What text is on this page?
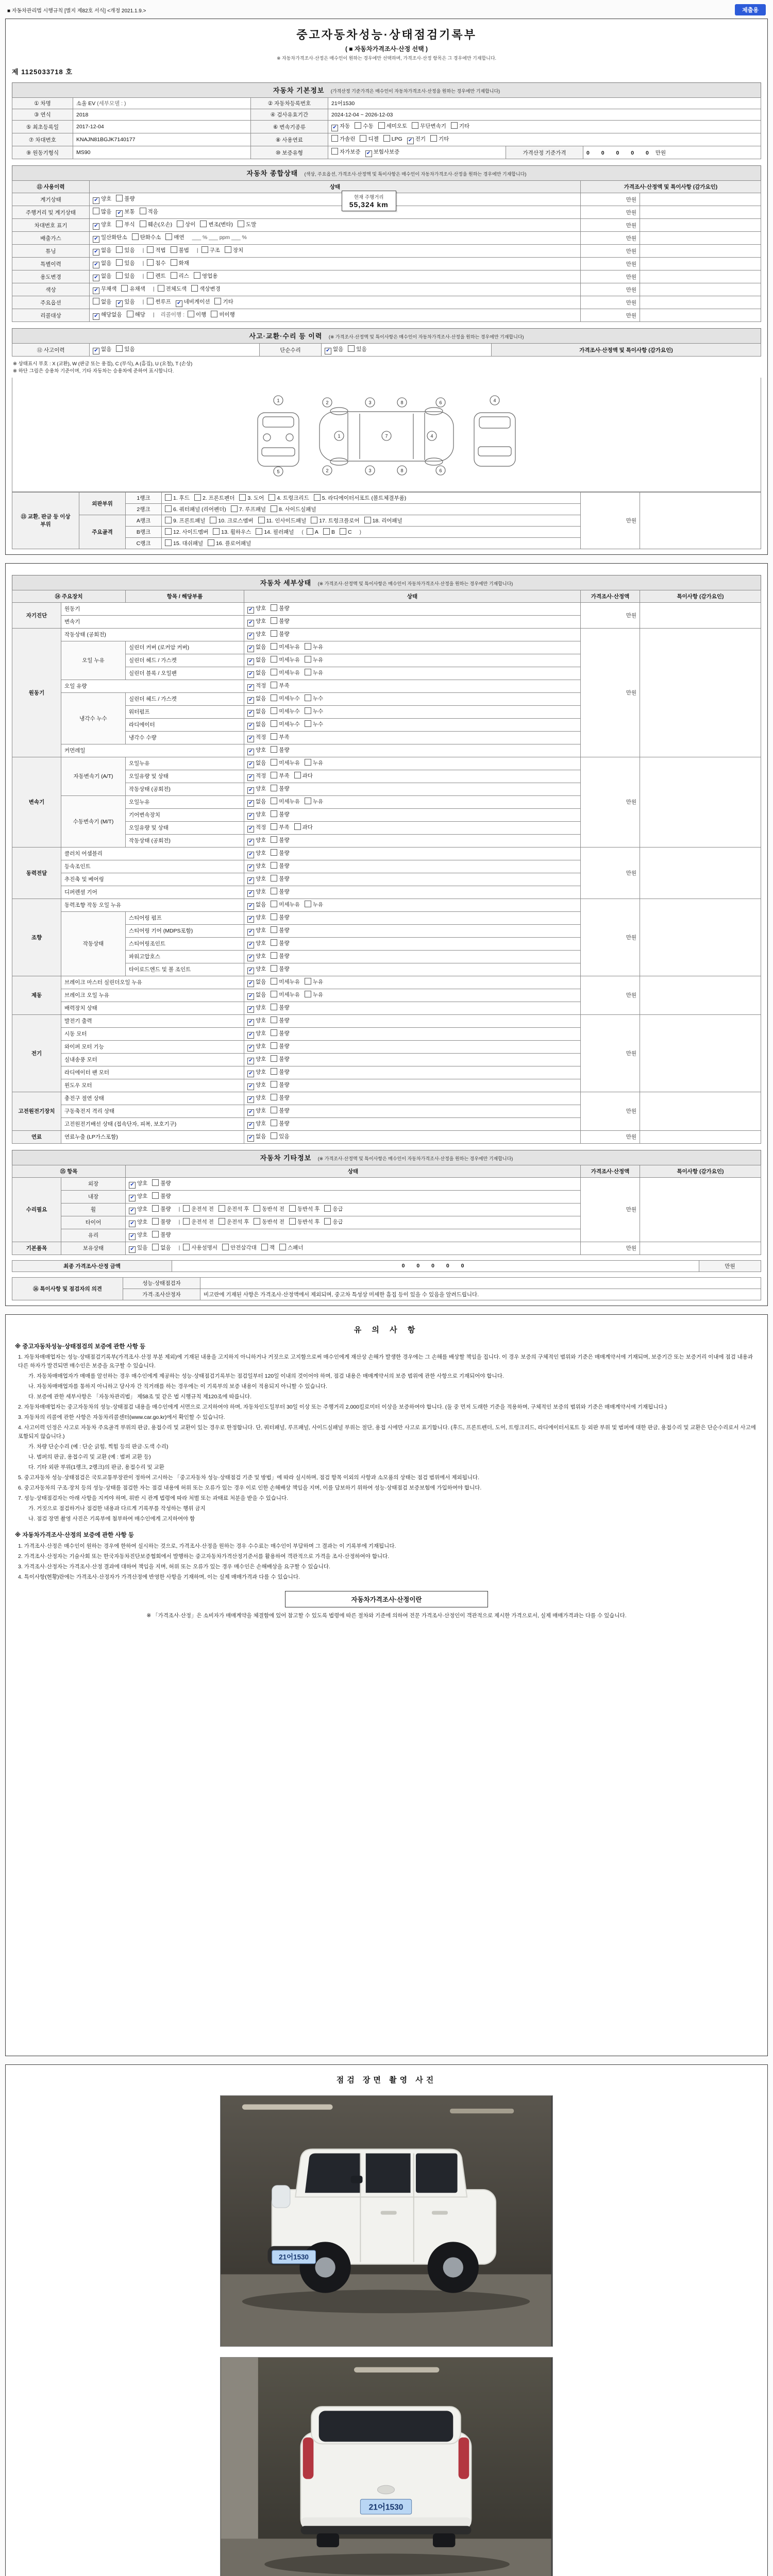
■ 자동차관리법 시행규칙 [별지 제82호 서식] <개정 2021.1.9.>	제출용
중고자동차성능·상태점검기록부
( ■ 자동차가격조사·산정 선택 )
※ 자동차가격조사·산정은 매수인이 원하는 경우에만 선택하며, 가격조사·산정 항목은 그 경우에만 기재합니다.
제 1125033718 호
자동차 기본정보 (가격산정 기준가격은 매수인이 자동차가격조사·산정을 원하는 경우에만 기재합니다)
① 차명	소울 EV (세부모델 : )	② 자동차등록번호	21어1530		
③ 연식	2018	④ 검사유효기간	2024-12-04 ~ 2026-12-03		
⑤ 최초등록일	2017-12-04	⑥ 변속기종류	✔ 자동 수동 세미오토 무단변속기 기타		
⑦ 차대번호	KNAJN81BGJK7140177	⑧ 사용연료	가솔린 디젤 LPG ✔ 전기 기타		
⑨ 원동기형식	MS90	⑩ 보증유형	자가보증 ✔ 보험사보증	가격산정 기준가격	0 0 0 0 0 만원
자동차 종합상태 (색상, 주요옵션, 가격조사·산정액 및 특이사항은 매수인이 자동차가격조사·산정을 원하는 경우에만 기재합니다)
⑪ 사용이력	상태	가격조사·산정액 및 특이사항 (감가요인)	
계기상태	✔ 양호 불량	만원	
주행거리 및 계기상태	많음 ✔ 보통 적음	만원	
차대번호 표기	✔ 양호 부식 훼손(오손) 상이 변조(변타) 도말	만원	
배출가스	✔ 일산화탄소 탄화수소 매연 ___ % ___ ppm ___ %	만원	
튜닝	✔ 없음 있음 | 적법 불법 | 구조 장치	만원	
특별이력	✔ 없음 있음 | 침수 화재	만원	
용도변경	✔ 없음 있음 | 렌트 리스 영업용	만원	
색상	✔ 무채색 유채색 | 전체도색 색상변경	만원	
주요옵션	없음 ✔ 있음 | 썬루프 ✔ 네비게이션 기타	만원	
리콜대상	✔ 해당없음 해당 | 리콜이행 : 이행 미이행	만원	
현재 주행거리
55,324 km
사고·교환·수리 등 이력 (※ 가격조사·산정액 및 특이사항은 매수인이 자동차가격조사·산정을 원하는 경우에만 기재합니다)
⑫ 사고이력	✔ 없음 있음	단순수리	✔ 없음 있음	가격조사·산정액 및 특이사항 (감가요인)
※ 상태표시 부호 : X (교환), W (판금 또는 용접), C (부식), A (흠집), U (요철), T (손상)
※ 하단 그림은 승용차 기준이며, 기타 자동차는 승용차에 준하여 표시합니다.
1
1	7	4
2	3	8	6
2	3	8	6
5
4
⑬ 교환, 판금 등 이상 부위	외판부위	1랭크	1. 후드 2. 프론트펜더 3. 도어 4. 트렁크리드 5. 라디에이터서포트 (볼트체결부품)	만원	
		2랭크	6. 쿼터패널 (리어펜더) 7. 루프패널 8. 사이드실패널		
	주요골격	A랭크	9. 프론트패널 10. 크로스멤버 11. 인사이드패널 17. 트렁크플로어 18. 리어패널		
		B랭크	12. 사이드멤버 13. 휠하우스 14. 필러패널 ( A B C )		
		C랭크	15. 대쉬패널 16. 플로어패널		
자동차 세부상태 (※ 가격조사·산정액 및 특이사항은 매수인이 자동차가격조사·산정을 원하는 경우에만 기재합니다)
⑭ 주요장치		항목 / 해당부품	상태	가격조사·산정액	특이사항 (감가요인)
자기진단	원동기		✔ 양호 불량	만원	
	변속기		✔ 양호 불량		
원동기	작동상태 (공회전)		✔ 양호 불량	만원	
	오일 누유	실린더 커버 (로커암 커버)	✔ 없음 미세누유 누유		
		실린더 헤드 / 가스켓	✔ 없음 미세누유 누유		
		실린더 블록 / 오일팬	✔ 없음 미세누유 누유		
	오일 유량		✔ 적정 부족		
	냉각수 누수	실린더 헤드 / 가스켓	✔ 없음 미세누수 누수		
		워터펌프	✔ 없음 미세누수 누수		
		라디에이터	✔ 없음 미세누수 누수		
		냉각수 수량	✔ 적정 부족		
	커먼레일		✔ 양호 불량		
변속기	자동변속기 (A/T)	오일누유	✔ 없음 미세누유 누유	만원	
		오일유량 및 상태	✔ 적정 부족 과다		
		작동상태 (공회전)	✔ 양호 불량		
	수동변속기 (M/T)	오일누유	✔ 없음 미세누유 누유		
		기어변속장치	✔ 양호 불량		
		오일유량 및 상태	✔ 적정 부족 과다		
		작동상태 (공회전)	✔ 양호 불량		
동력전달	클러치 어셈블리		✔ 양호 불량	만원	
	등속조인트		✔ 양호 불량		
	추진축 및 베어링		✔ 양호 불량		
	디퍼렌셜 기어		✔ 양호 불량		
조향	동력조향 작동 오일 누유		✔ 없음 미세누유 누유	만원	
	작동상태	스티어링 펌프	✔ 양호 불량		
		스티어링 기어 (MDPS포함)	✔ 양호 불량		
		스티어링조인트	✔ 양호 불량		
		파워고압호스	✔ 양호 불량		
		타이로드엔드 및 볼 조인트	✔ 양호 불량		
제동	브레이크 마스터 실린더오일 누유		✔ 없음 미세누유 누유	만원	
	브레이크 오일 누유		✔ 없음 미세누유 누유		
	배력장치 상태		✔ 양호 불량		
전기	발전기 출력		✔ 양호 불량	만원	
	시동 모터		✔ 양호 불량		
	와이퍼 모터 기능		✔ 양호 불량		
	실내송풍 모터		✔ 양호 불량		
	라디에이터 팬 모터		✔ 양호 불량		
	윈도우 모터		✔ 양호 불량		
고전원전기장치	충전구 절연 상태		✔ 양호 불량	만원	
	구동축전지 격리 상태		✔ 양호 불량		
	고전원전기배선 상태 (접속단자, 피복, 보호기구)		✔ 양호 불량		
연료	연료누출 (LP가스포함)		✔ 없음 있음	만원	
자동차 기타정보 (※ 가격조사·산정액 및 특이사항은 매수인이 자동차가격조사·산정을 원하는 경우에만 기재합니다)
⑮ 항목		상태	가격조사·산정액	특이사항 (감가요인)
수리필요	외장	✔ 양호 불량	만원	
	내장	✔ 양호 불량		
	휠	✔ 양호 불량 | 운전석 전 운전석 후 동반석 전 동반석 후 응급		
	타이어	✔ 양호 불량 | 운전석 전 운전석 후 동반석 전 동반석 후 응급		
	유리	✔ 양호 불량		
기본품목	보유상태	✔ 있음 없음 | 사용설명서 안전삼각대 잭 스패너	만원	
최종 가격조사·산정 금액	0 0 0 0 0	만원
⑯ 특이사항 및 점검자의 의견	성능·상태점검자	
	가격·조사산정자	비고란에 기재된 사항은 가격조사·산정액에서 제외되며, 중고차 특성상 미세한 흠집 등이 있을 수 있음을 알려드립니다.
유 의 사 항
※ 중고자동차성능·상태점검의 보증에 관한 사항 등
1. 자동차매매업자는 성능·상태점검기록부(가격조사·산정 부분 제외)에 기재된 내용을 고지하지 아니하거나 거짓으로 고지함으로써 매수인에게 재산상 손해가 발생한 경우에는 그 손해를 배상할 책임을 집니다. 이 경우 보증의 구체적인 범위와 기준은 매매계약서에 기재되며, 보증기간 또는 보증거리 이내에 점검 내용과 다른 하자가 발견되면 매수인은 보증을 요구할 수 있습니다.
가. 자동차매매업자가 매매를 알선하는 경우 매수인에게 제공하는 성능·상태점검기록부는 점검일부터 120일 이내의 것이어야 하며, 점검 내용은 매매계약서의 보증 범위에 관한 사항으로 기재되어야 합니다.
나. 자동차매매업자를 통하지 아니하고 당사자 간 직거래를 하는 경우에는 이 기록부의 보증 내용이 적용되지 아니할 수 있습니다.
다. 보증에 관한 세부사항은 「자동차관리법」 제58조 및 같은 법 시행규칙 제120조에 따릅니다.
2. 자동차매매업자는 중고자동차의 성능·상태점검 내용을 매수인에게 서면으로 고지하여야 하며, 자동차인도일부터 30일 이상 또는 주행거리 2,000킬로미터 이상을 보증하여야 합니다. (둘 중 먼저 도래한 기준을 적용하며, 구체적인 보증의 범위와 기준은 매매계약서에 기재됩니다.)
3. 자동차의 리콜에 관한 사항은 자동차리콜센터(www.car.go.kr)에서 확인할 수 있습니다.
4. 사고이력 인정은 사고로 자동차 주요골격 부위의 판금, 용접수리 및 교환이 있는 경우로 한정합니다. 단, 쿼터패널, 루프패널, 사이드실패널 부위는 절단, 용접 시에만 사고로 표기합니다. (후드, 프론트펜더, 도어, 트렁크리드, 라디에이터서포트 등 외판 부위 및 범퍼에 대한 판금, 용접수리 및 교환은 단순수리로서 사고에 포함되지 않습니다.)
가. 차량 단순수리 (예 : 단순 긁힘, 찍힘 등의 판금·도색 수리)
나. 범퍼의 판금, 용접수리 및 교환 (예 : 범퍼 교환 등)
다. 기타 외판 부위(1랭크, 2랭크)의 판금, 용접수리 및 교환
5. 중고자동차 성능·상태점검은 국토교통부장관이 정하여 고시하는 「중고자동차 성능·상태점검 기준 및 방법」에 따라 실시하며, 점검 항목 이외의 사항과 소모품의 상태는 점검 범위에서 제외됩니다.
6. 중고자동차의 구조·장치 등의 성능·상태를 점검한 자는 점검 내용에 허위 또는 오류가 있는 경우 이로 인한 손해배상 책임을 지며, 이를 담보하기 위하여 성능·상태점검 보증보험에 가입하여야 합니다.
7. 성능·상태점검자는 아래 사항을 지켜야 하며, 위반 시 관계 법령에 따라 처벌 또는 과태료 처분을 받을 수 있습니다.
가. 거짓으로 점검하거나 점검한 내용과 다르게 기록부를 작성하는 행위 금지
나. 점검 장면 촬영 사진은 기록부에 첨부하여 매수인에게 고지하여야 함
※ 자동차가격조사·산정의 보증에 관한 사항 등
1. 가격조사·산정은 매수인이 원하는 경우에 한하여 실시하는 것으로, 가격조사·산정을 원하는 경우 수수료는 매수인이 부담하며 그 결과는 이 기록부에 기재됩니다.
2. 가격조사·산정자는 기술사회 또는 한국자동차진단보증협회에서 발행하는 중고자동차가격산정기준서를 활용하여 객관적으로 가격을 조사·산정하여야 합니다.
3. 가격조사·산정자는 가격조사·산정 결과에 대하여 책임을 지며, 허위 또는 오류가 있는 경우 매수인은 손해배상을 요구할 수 있습니다.
4. 특이사항(현황)란에는 가격조사·산정자가 가격산정에 반영한 사항을 기재하며, 이는 실제 매매가격과 다를 수 있습니다.
자동차가격조사·산정이란
※ 「가격조사·산정」은 소비자가 매매계약을 체결함에 있어 참고할 수 있도록 법령에 따른 절차와 기준에 의하여 전문 가격조사·산정인이 객관적으로 제시한 가격으로서, 실제 매매가격과는 다를 수 있습니다.
점검 장면 촬영 사진
21어1530
21어1530
